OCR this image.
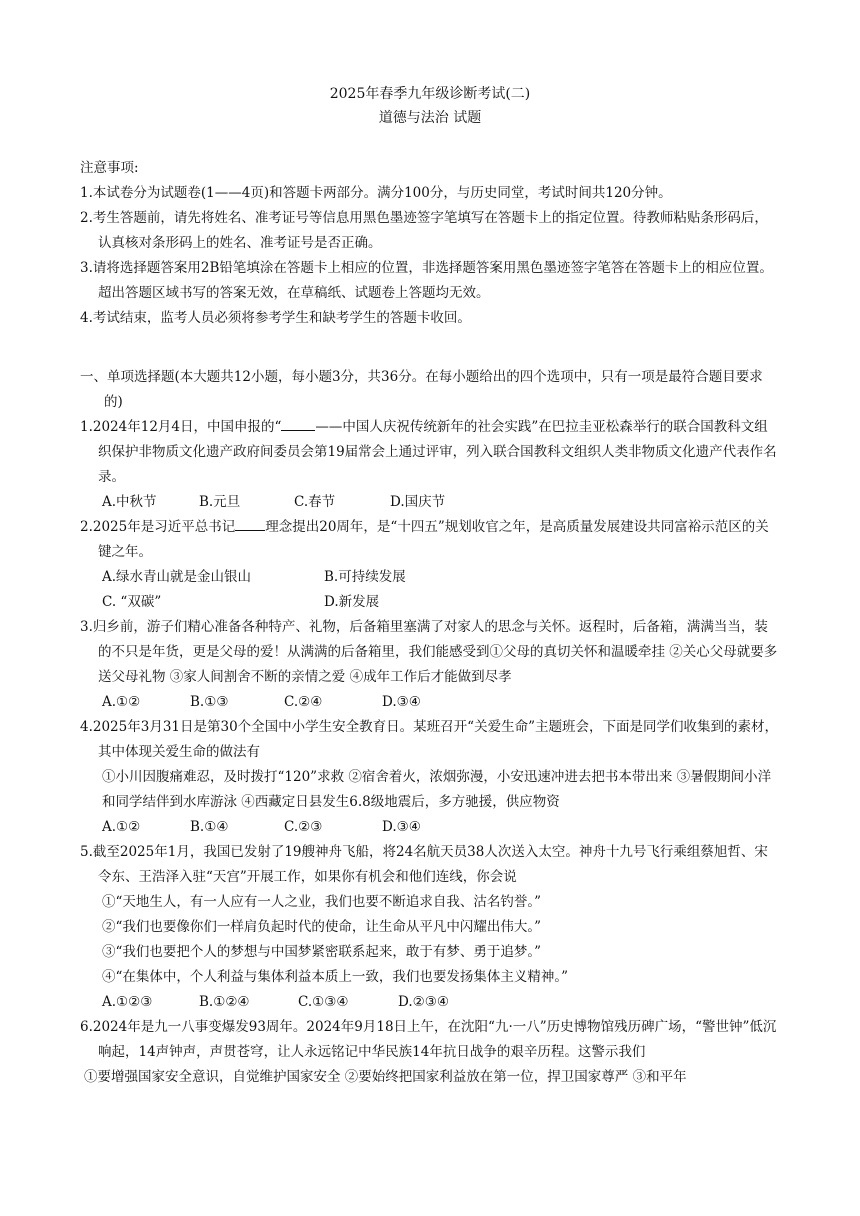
2025年春季九年级诊断考试(二)
道德与法治 试题

注意事项:

1.本试卷分为试题卷(1——4页)和答题卡两部分。满分100分，与历史同堂，考试时间共120分钟。

2.考生答题前，请先将姓名、准考证号等信息用黑色墨迹签字笔填写在答题卡上的指定位置。待教师粘贴条形码后，认真核对条形码上的姓名、准考证号是否正确。

3.请将选择题答案用2B铅笔填涂在答题卡上相应的位置，非选择题答案用黑色墨迹签字笔答在答题卡上的相应位置。超出答题区域书写的答案无效，在草稿纸、试题卷上答题均无效。

4.考试结束，监考人员必须将参考学生和缺考学生的答题卡收回。

一、单项选择题(本大题共12小题，每小题3分，共36分。在每小题给出的四个选项中，只有一项是最符合题目要求的)

1.2024年12月4日，中国申报的“	——中国人庆祝传统新年的社会实践”在巴拉圭亚松森举行的联合国教科文组织保护非物质文化遗产政府间委员会第19届常会上通过评审，列入联合国教科文组织人类非物质文化遗产代表作名录。

A.中秋节	B.元旦	C.春节	D.国庆节

2.2025年是习近平总书记 理念提出20周年，是“十四五”规划收官之年，是高质量发展建设共同富裕示范区的关键之年。

A.绿水青山就是金山银山	B.可持续发展
C. “双碳”	D.新发展

3.归乡前，游子们精心准备各种特产、礼物，后备箱里塞满了对家人的思念与关怀。返程时，后备箱，满满当当，装的不只是年货，更是父母的爱！从满满的后备箱里，我们能感受到①父母的真切关怀和温暖牵挂 ②关心父母就要多送父母礼物 ③家人间割舍不断的亲情之爱 ④成年工作后才能做到尽孝

A.①②	B.①③	C.②④	D.③④

4.2025年3月31日是第30个全国中小学生安全教育日。某班召开“关爱生命”主题班会，下面是同学们收集到的素材，其中体现关爱生命的做法有

①小川因腹痛难忍，及时拨打“120”求救 ②宿舍着火，浓烟弥漫，小安迅速冲进去把书本带出来 ③暑假期间小洋和同学结伴到水库游泳 ④西藏定日县发生6.8级地震后，多方驰援，供应物资

A.①②	B.①④	C.②③	D.③④

5.截至2025年1月，我国已发射了19艘神舟飞船，将24名航天员38人次送入太空。神舟十九号飞行乘组蔡旭哲、宋令东、王浩泽入驻“天宫”开展工作，如果你有机会和他们连线，你会说

①“天地生人，有一人应有一人之业，我们也要不断追求自我、沽名钓誉。”

②“我们也要像你们一样肩负起时代的使命，让生命从平凡中闪耀出伟大。”

③“我们也要把个人的梦想与中国梦紧密联系起来，敢于有梦、勇于追梦。”

④“在集体中，个人利益与集体利益本质上一致，我们也要发扬集体主义精神。”

A.①②③	B.①②④	C.①③④	D.②③④

6.2024年是九一八事变爆发93周年。2024年9月18日上午，在沈阳“九·一八”历史博物馆残历碑广场，“警世钟”低沉响起，14声钟声，声贯苍穹，让人永远铭记中华民族14年抗日战争的艰辛历程。这警示我们

①要增强国家安全意识，自觉维护国家安全 ②要始终把国家利益放在第一位，捍卫国家尊严 ③和平年
